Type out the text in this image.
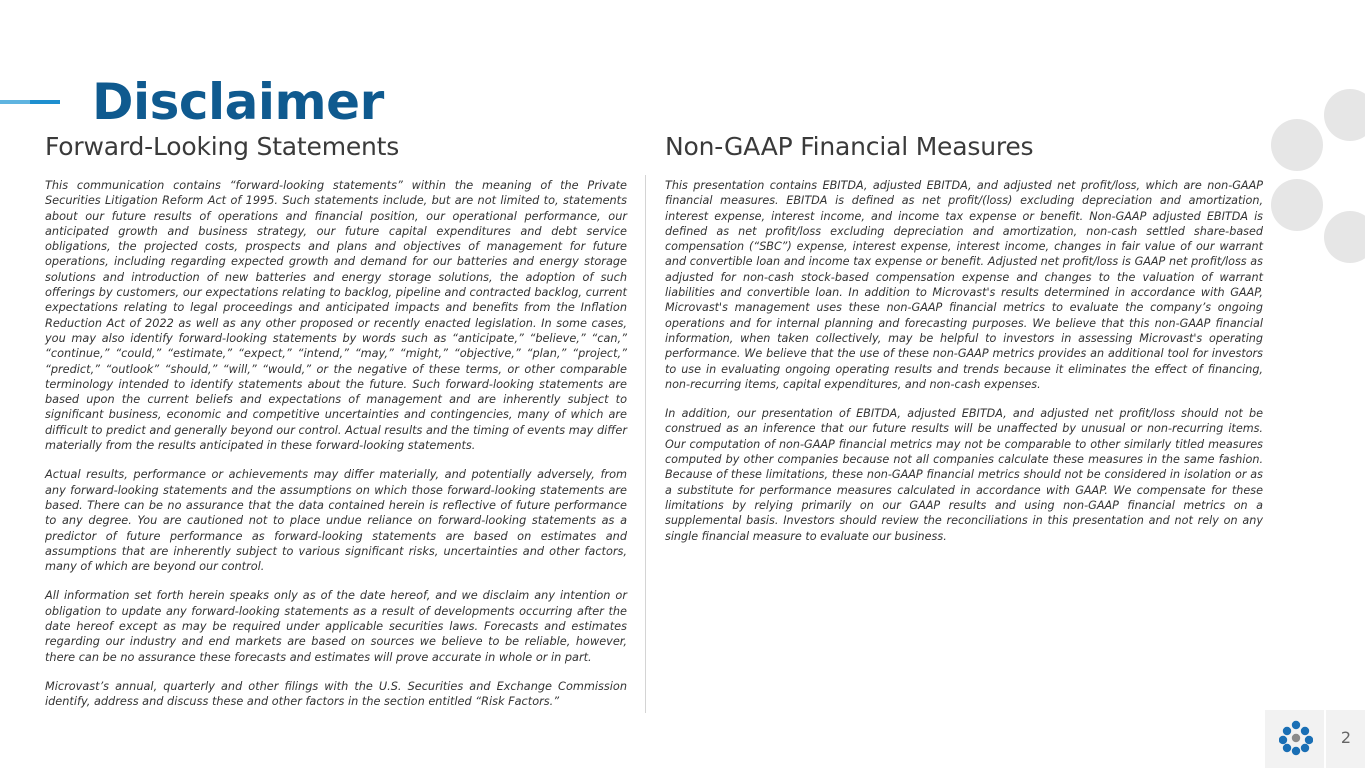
Disclaimer
Forward-Looking Statements

This communication contains “forward-looking statements” within the meaning of the Private Securities Litigation Reform Act of 1995. Such statements include, but are not limited to, statements about our future results of operations and financial position, our operational performance, our anticipated growth and business strategy, our future capital expenditures and debt service obligations, the projected costs, prospects and plans and objectives of management for future operations, including regarding expected growth and demand for our batteries and energy storage solutions and introduction of new batteries and energy storage solutions, the adoption of such offerings by customers, our expectations relating to backlog, pipeline and contracted backlog, current expectations relating to legal proceedings and anticipated impacts and benefits from the Inflation Reduction Act of 2022 as well as any other proposed or recently enacted legislation. In some cases, you may also identify forward-looking statements by words such as “anticipate,” “believe,” “can,” “continue,” “could,” “estimate,” “expect,” “intend,” “may,” “might,” “objective,” “plan,” “project,” “predict,” “outlook” “should,” “will,” “would,” or the negative of these terms, or other comparable terminology intended to identify statements about the future. Such forward-looking statements are based upon the current beliefs and expectations of management and are inherently subject to significant business, economic and competitive uncertainties and contingencies, many of which are difficult to predict and generally beyond our control. Actual results and the timing of events may differ materially from the results anticipated in these forward-looking statements.

Actual results, performance or achievements may differ materially, and potentially adversely, from any forward-looking statements and the assumptions on which those forward-looking statements are based. There can be no assurance that the data contained herein is reflective of future performance to any degree. You are cautioned not to place undue reliance on forward-looking statements as a predictor of future performance as forward-looking statements are based on estimates and assumptions that are inherently subject to various significant risks, uncertainties and other factors, many of which are beyond our control.

All information set forth herein speaks only as of the date hereof, and we disclaim any intention or obligation to update any forward-looking statements as a result of developments occurring after the date hereof except as may be required under applicable securities laws. Forecasts and estimates regarding our industry and end markets are based on sources we believe to be reliable, however, there can be no assurance these forecasts and estimates will prove accurate in whole or in part.

Microvast’s annual, quarterly and other filings with the U.S. Securities and Exchange Commission identify, address and discuss these and other factors in the section entitled “Risk Factors.”

Non-GAAP Financial Measures

This presentation contains EBITDA, adjusted EBITDA, and adjusted net profit/loss, which are non-GAAP financial measures. EBITDA is defined as net profit/(loss) excluding depreciation and amortization, interest expense, interest income, and income tax expense or benefit. Non-GAAP adjusted EBITDA is defined as net profit/loss excluding depreciation and amortization, non-cash settled share-based compensation (“SBC”) expense, interest expense, interest income, changes in fair value of our warrant and convertible loan and income tax expense or benefit. Adjusted net profit/loss is GAAP net profit/loss as adjusted for non-cash stock-based compensation expense and changes to the valuation of warrant liabilities and convertible loan. In addition to Microvast's results determined in accordance with GAAP, Microvast's management uses these non-GAAP financial metrics to evaluate the company’s ongoing operations and for internal planning and forecasting purposes. We believe that this non-GAAP financial information, when taken collectively, may be helpful to investors in assessing Microvast's operating performance. We believe that the use of these non-GAAP metrics provides an additional tool for investors to use in evaluating ongoing operating results and trends because it eliminates the effect of financing, non-recurring items, capital expenditures, and non-cash expenses.

In addition, our presentation of EBITDA, adjusted EBITDA, and adjusted net profit/loss should not be construed as an inference that our future results will be unaffected by unusual or non-recurring items. Our computation of non-GAAP financial metrics may not be comparable to other similarly titled measures computed by other companies because not all companies calculate these measures in the same fashion. Because of these limitations, these non-GAAP financial metrics should not be considered in isolation or as a substitute for performance measures calculated in accordance with GAAP. We compensate for these limitations by relying primarily on our GAAP results and using non-GAAP financial metrics on a supplemental basis. Investors should review the reconciliations in this presentation and not rely on any single financial measure to evaluate our business.

2
